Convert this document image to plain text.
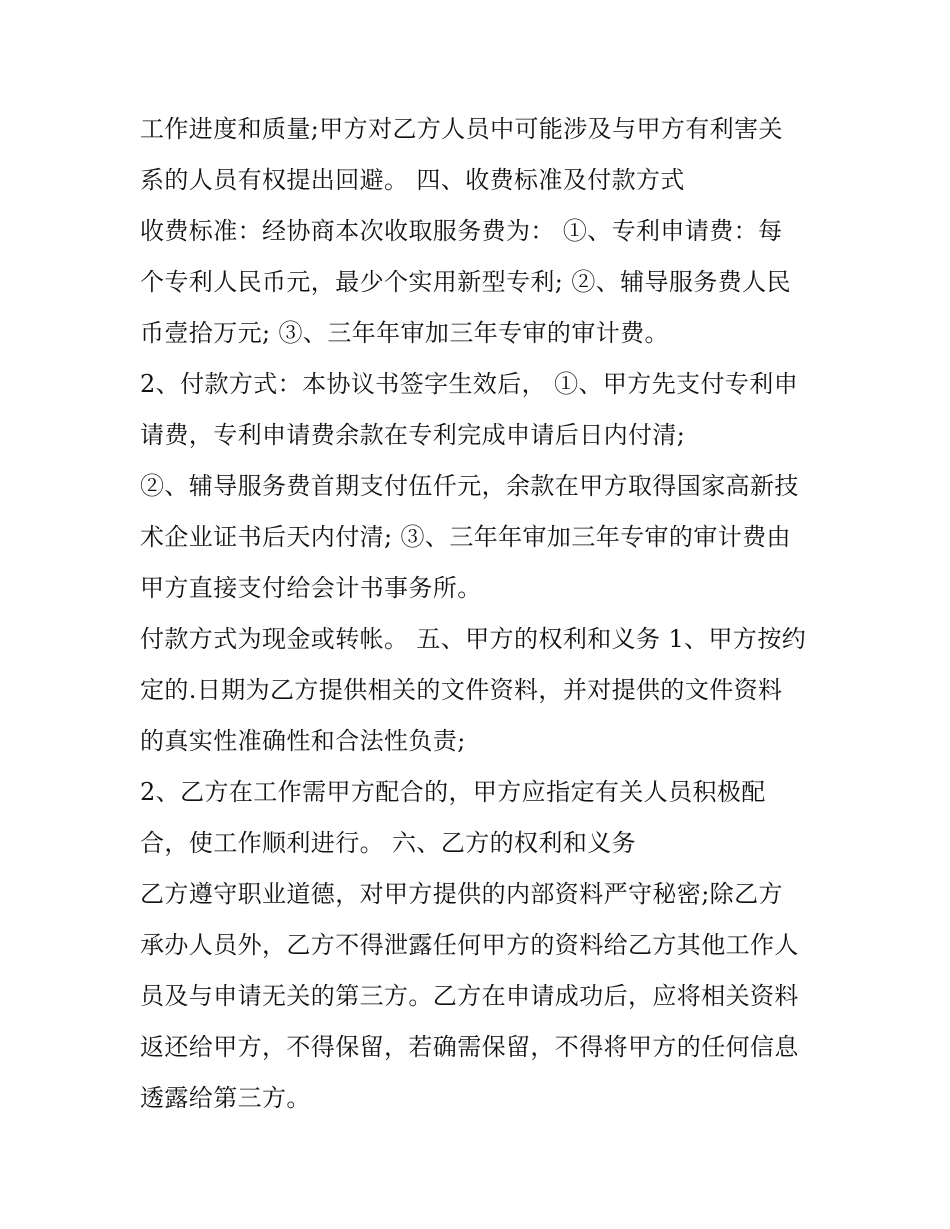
工作进度和质量;甲方对乙方人员中可能涉及与甲方有利害关
系的人员有权提出回避。 四、收费标准及付款方式
收费标准：经协商本次收取服务费为： ①、专利申请费：每
个专利人民币元，最少个实用新型专利; ②、辅导服务费人民
币壹拾万元; ③、三年年审加三年专审的审计费。
2、付款方式：本协议书签字生效后， ①、甲方先支付专利申
请费，专利申请费余款在专利完成申请后日内付清;
②、辅导服务费首期支付伍仟元，余款在甲方取得国家高新技
术企业证书后天内付清; ③、三年年审加三年专审的审计费由
甲方直接支付给会计书事务所。
付款方式为现金或转帐。 五、甲方的权利和义务 1、甲方按约
定的.日期为乙方提供相关的文件资料，并对提供的文件资料
的真实性准确性和合法性负责;
2、乙方在工作需甲方配合的，甲方应指定有关人员积极配
合，使工作顺利进行。 六、乙方的权利和义务
乙方遵守职业道德，对甲方提供的内部资料严守秘密;除乙方
承办人员外，乙方不得泄露任何甲方的资料给乙方其他工作人
员及与申请无关的第三方。乙方在申请成功后，应将相关资料
返还给甲方，不得保留，若确需保留，不得将甲方的任何信息
透露给第三方。
